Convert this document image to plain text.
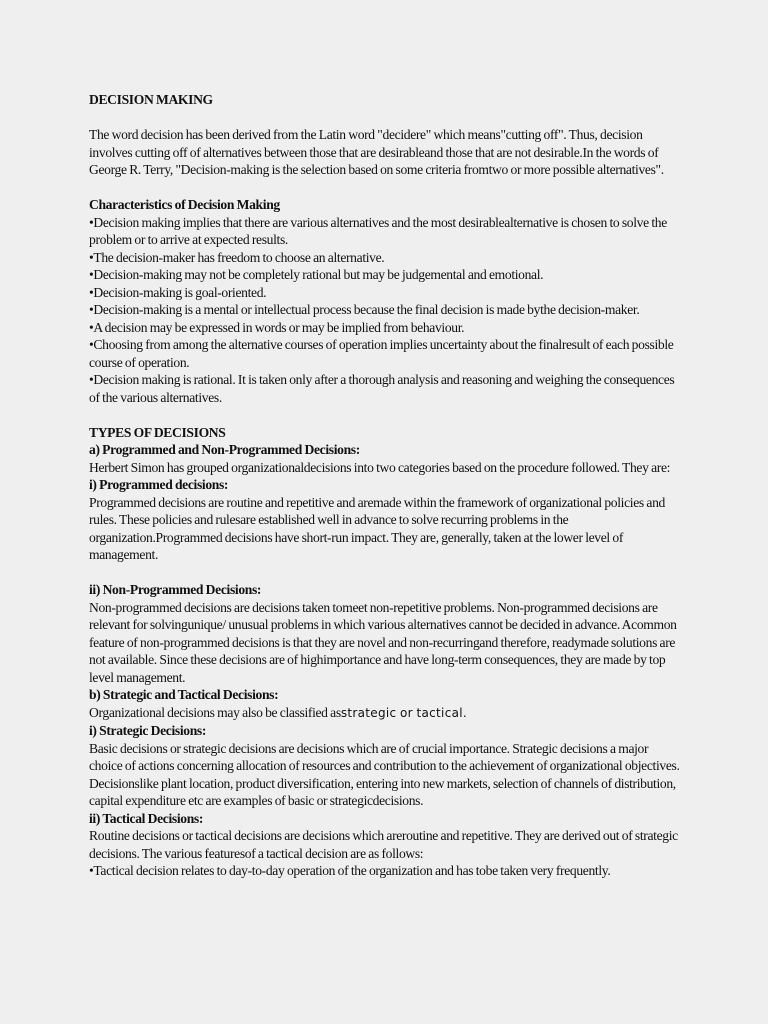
DECISION MAKING

The word decision has been derived from the Latin word "decidere" which means"cutting off". Thus, decision involves cutting off of alternatives between those that are desirableand those that are not desirable.In the words of George R. Terry, "Decision-making is the selection based on some criteria fromtwo or more possible alternatives".

Characteristics of Decision Making

•Decision making implies that there are various alternatives and the most desirablealternative is chosen to solve the problem or to arrive at expected results.

•The decision-maker has freedom to choose an alternative.

•Decision-making may not be completely rational but may be judgemental and emotional.

•Decision-making is goal-oriented.

•Decision-making is a mental or intellectual process because the final decision is made bythe decision-maker.

•A decision may be expressed in words or may be implied from behaviour.

•Choosing from among the alternative courses of operation implies uncertainty about the finalresult of each possible course of operation.

•Decision making is rational. It is taken only after a thorough analysis and reasoning and weighing the consequences of the various alternatives.

TYPES OF DECISIONS

a) Programmed and Non-Programmed Decisions:

Herbert Simon has grouped organizationaldecisions into two categories based on the procedure followed. They are:

i) Programmed decisions:

Programmed decisions are routine and repetitive and aremade within the framework of organizational policies and rules. These policies and rulesare established well in advance to solve recurring problems in the organization.Programmed decisions have short-run impact. They are, generally, taken at the lower level of management.

ii) Non-Programmed Decisions:

Non-programmed decisions are decisions taken tomeet non-repetitive problems. Non-programmed decisions are relevant for solvingunique/ unusual problems in which various alternatives cannot be decided in advance. Acommon feature of non-programmed decisions is that they are novel and non-recurringand therefore, readymade solutions are not available. Since these decisions are of highimportance and have long-term consequences, they are made by top level management.

b) Strategic and Tactical Decisions:

Organizational decisions may also be classified asstrategic or tactical.

i) Strategic Decisions:

Basic decisions or strategic decisions are decisions which are of crucial importance. Strategic decisions a major choice of actions concerning allocation of resources and contribution to the achievement of organizational objectives. Decisionslike plant location, product diversification, entering into new markets, selection of channels of distribution, capital expenditure etc are examples of basic or strategicdecisions.

ii) Tactical Decisions:

Routine decisions or tactical decisions are decisions which areroutine and repetitive. They are derived out of strategic decisions. The various featuresof a tactical decision are as follows:

•Tactical decision relates to day-to-day operation of the organization and has tobe taken very frequently.
